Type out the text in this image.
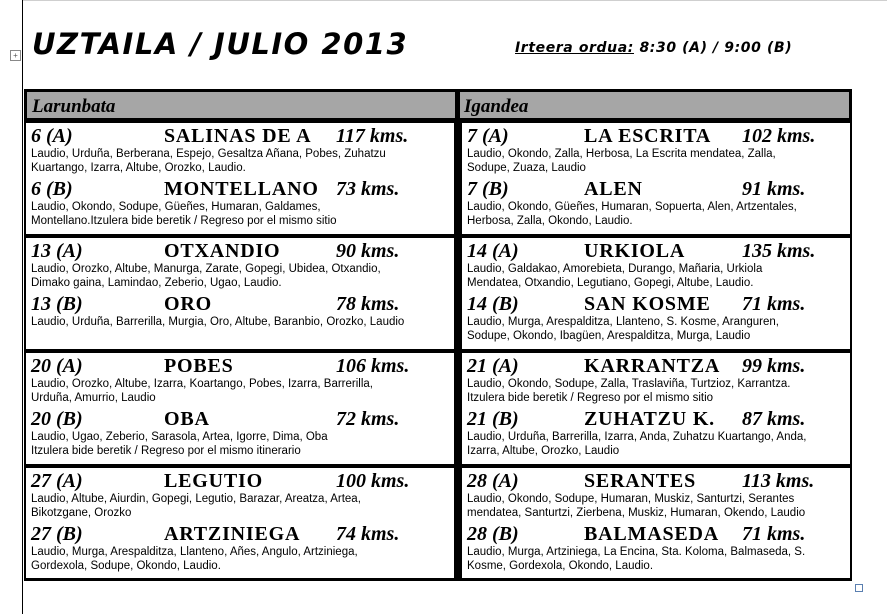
+ UZTAILA / JULIO 2013	Irteera ordua: 8:30 (A) / 9:00 (B)
Larunbata	Igandea
6 (A)	SALINAS DE A 117 kms.
Laudio, Urduña, Berberana, Espejo, Gesaltza Añana, Pobes, Zuhatzu
Kuartango, Izarra, Altube, Orozko, Laudio.
6 (B)	MONTELLANO 73 kms.
Laudio, Okondo, Sodupe, Güeñes, Humaran, Galdames,
Montellano.Itzulera bide beretik / Regreso por el mismo sitio
7 (A)	LA ESCRITA 102 kms.
Laudio, Okondo, Zalla, Herbosa, La Escrita mendatea, Zalla,
Sodupe, Zuaza, Laudio
7 (B)	ALEN	91 kms.
Laudio, Okondo, Güeñes, Humaran, Sopuerta, Alen, Artzentales,
Herbosa, Zalla, Okondo, Laudio.
13 (A)	OTXANDIO	90 kms.
Laudio, Orozko, Altube, Manurga, Zarate, Gopegi, Ubidea, Otxandio,
Dimako gaina, Lamindao, Zeberio, Ugao, Laudio.
13 (B)	ORO	78 kms.
Laudio, Urduña, Barrerilla, Murgia, Oro, Altube, Baranbio, Orozko, Laudio
14 (A)	URKIOLA	135 kms.
Laudio, Galdakao, Amorebieta, Durango, Mañaria, Urkiola
Mendatea, Otxandio, Legutiano, Gopegi, Altube, Laudio.
14 (B)	SAN KOSME 71 kms.
Laudio, Murga, Arespalditza, Llanteno, S. Kosme, Aranguren,
Sodupe, Okondo, Ibagüen, Arespalditza, Murga, Laudio
20 (A)	POBES	106 kms.
Laudio, Orozko, Altube, Izarra, Koartango, Pobes, Izarra, Barrerilla,
Urduña, Amurrio, Laudio
20 (B)	OBA	72 kms.
Laudio, Ugao, Zeberio, Sarasola, Artea, Igorre, Dima, Oba
Itzulera bide beretik / Regreso por el mismo itinerario
21 (A)	KARRANTZA 99 kms.
Laudio, Okondo, Sodupe, Zalla, Traslaviña, Turtzioz, Karrantza.
Itzulera bide beretik / Regreso por el mismo sitio
21 (B)	ZUHATZU K. 87 kms.
Laudio, Urduña, Barrerilla, Izarra, Anda, Zuhatzu Kuartango, Anda,
Izarra, Altube, Orozko, Laudio
27 (A)	LEGUTIO	100 kms.
Laudio, Altube, Aiurdin, Gopegi, Legutio, Barazar, Areatza, Artea,
Bikotzgane, Orozko
27 (B)	ARTZINIEGA 74 kms.
Laudio, Murga, Arespalditza, Llanteno, Añes, Angulo, Artziniega,
Gordexola, Sodupe, Okondo, Laudio.
28 (A)	SERANTES 113 kms.
Laudio, Okondo, Sodupe, Humaran, Muskiz, Santurtzi, Serantes
mendatea, Santurtzi, Zierbena, Muskiz, Humaran, Okendo, Laudio
28 (B)	BALMASEDA 71 kms.
Laudio, Murga, Artziniega, La Encina, Sta. Koloma, Balmaseda, S.
Kosme, Gordexola, Okondo, Laudio.
